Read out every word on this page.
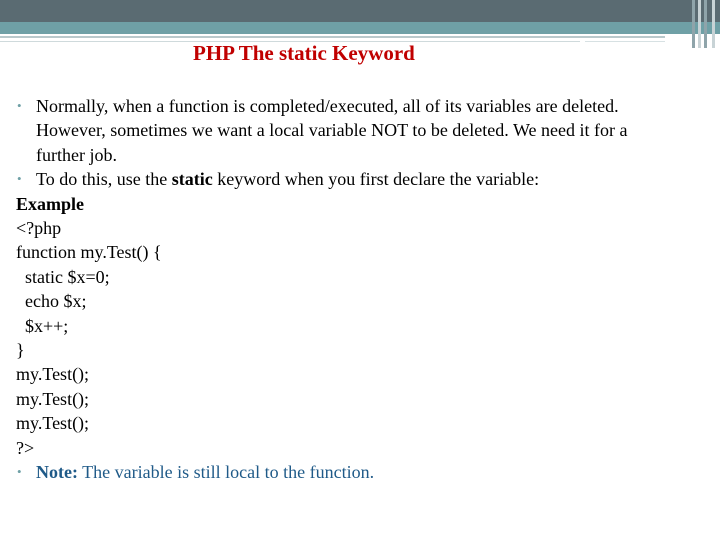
PHP The static Keyword
• Normally, when a function is completed/executed, all of its variables are deleted.
However, sometimes we want a local variable NOT to be deleted. We need it for a
further job.
• To do this, use the static keyword when you first declare the variable:
Example
<?php
function my.Test() {
static $x=0;
echo $x;
$x++;
}
my.Test();
my.Test();
my.Test();
?>
• Note: The variable is still local to the function.
